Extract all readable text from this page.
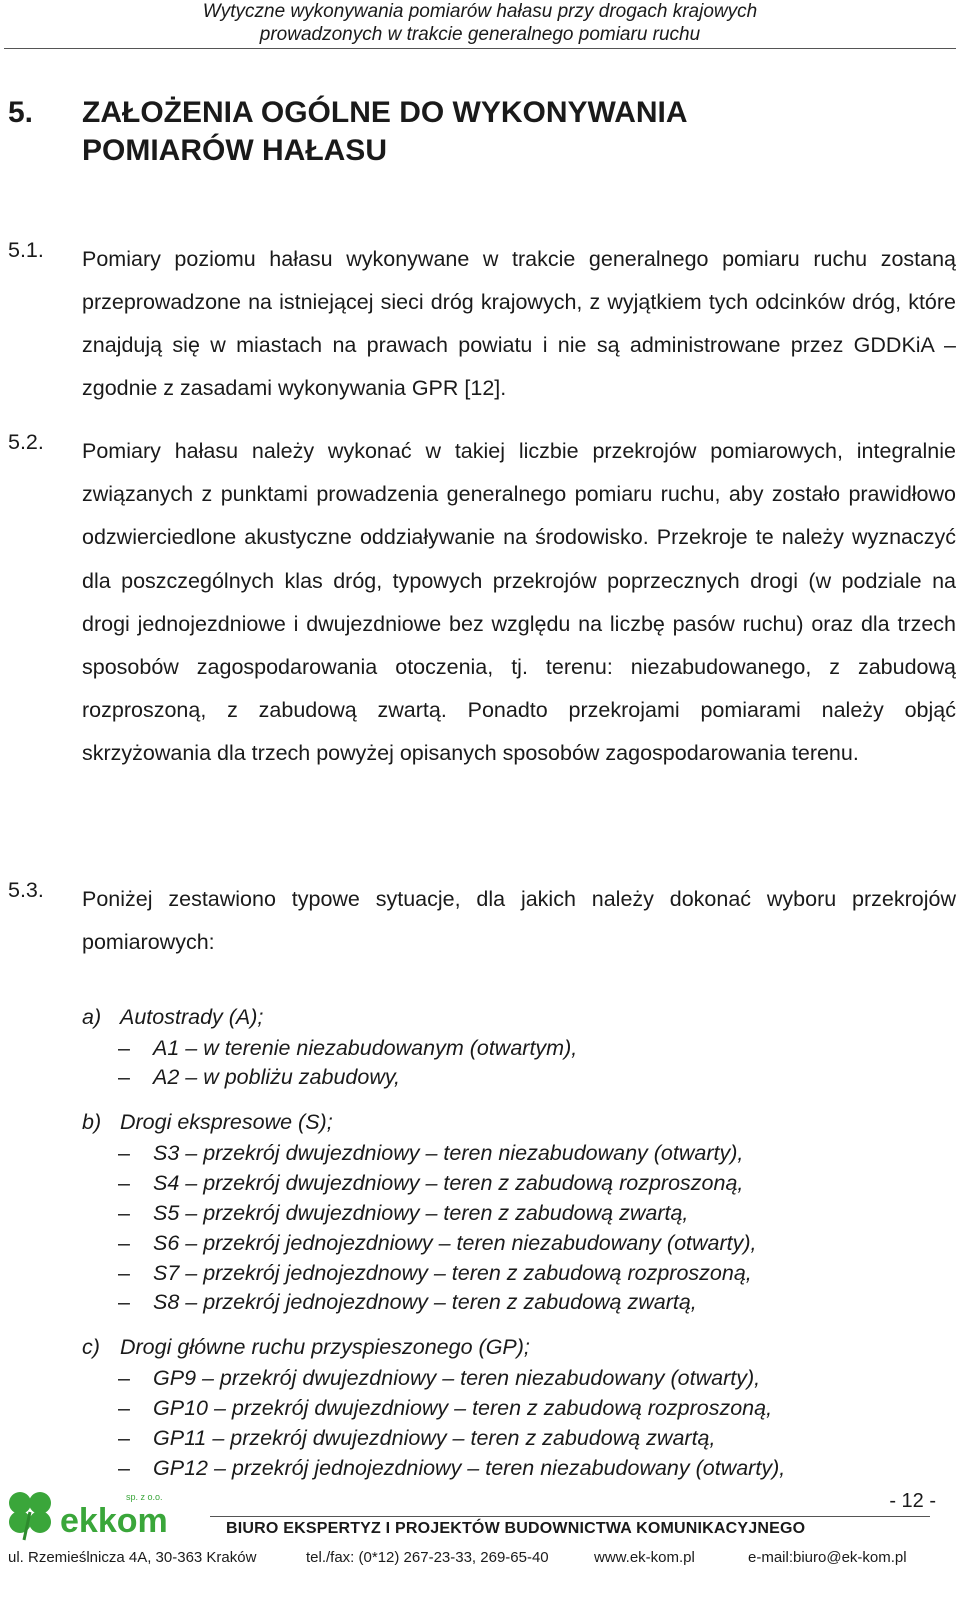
Wytyczne wykonywania pomiarów hałasu przy drogach krajowych
prowadzonych w trakcie generalnego pomiaru ruchu
5. ZAŁOŻENIA OGÓLNE DO WYKONYWANIA
POMIARÓW HAŁASU
5.1. Pomiary poziomu hałasu wykonywane w trakcie generalnego pomiaru ruchu zostaną przeprowadzone na istniejącej sieci dróg krajowych, z wyjątkiem tych odcinków dróg, które znajdują się w miastach na prawach powiatu i nie są administrowane przez GDDKiA – zgodnie z zasadami wykonywania GPR [12].
5.2. Pomiary hałasu należy wykonać w takiej liczbie przekrojów pomiarowych, integralnie związanych z punktami prowadzenia generalnego pomiaru ruchu, aby zostało prawidłowo odzwierciedlone akustyczne oddziaływanie na środowisko. Przekroje te należy wyznaczyć dla poszczególnych klas dróg, typowych przekrojów poprzecznych drogi (w podziale na drogi jednojezdniowe i dwujezdniowe bez względu na liczbę pasów ruchu) oraz dla trzech sposobów zagospodarowania otoczenia, tj. terenu: niezabudowanego, z zabudową rozproszoną, z zabudową zwartą. Ponadto przekrojami pomiarami należy objąć skrzyżowania dla trzech powyżej opisanych sposobów zagospodarowania terenu.
5.3. Poniżej zestawiono typowe sytuacje, dla jakich należy dokonać wyboru przekrojów pomiarowych:
a) Autostrady (A);
– A1 – w terenie niezabudowanym (otwartym),
– A2 – w pobliżu zabudowy,
b) Drogi ekspresowe (S);
– S3 – przekrój dwujezdniowy – teren niezabudowany (otwarty),
– S4 – przekrój dwujezdniowy – teren z zabudową rozproszoną,
– S5 – przekrój dwujezdniowy – teren z zabudową zwartą,
– S6 – przekrój jednojezdniowy – teren niezabudowany (otwarty),
– S7 – przekrój jednojezdnowy – teren z zabudową rozproszoną,
– S8 – przekrój jednojezdnowy – teren z zabudową zwartą,
c) Drogi główne ruchu przyspieszonego (GP);
– GP9 – przekrój dwujezdniowy – teren niezabudowany (otwarty),
– GP10 – przekrój dwujezdniowy – teren z zabudową rozproszoną,
– GP11 – przekrój dwujezdniowy – teren z zabudową zwartą,
– GP12 – przekrój jednojezdniowy – teren niezabudowany (otwarty),
- 12 -
ekkom
sp. z o.o.
BIURO EKSPERTYZ I PROJEKTÓW BUDOWNICTWA KOMUNIKACYJNEGO
ul. Rzemieślnicza 4A, 30-363 Kraków	tel./fax: (0*12) 267-23-33, 269-65-40	www.ek-kom.pl	e-mail:biuro@ek-kom.pl
